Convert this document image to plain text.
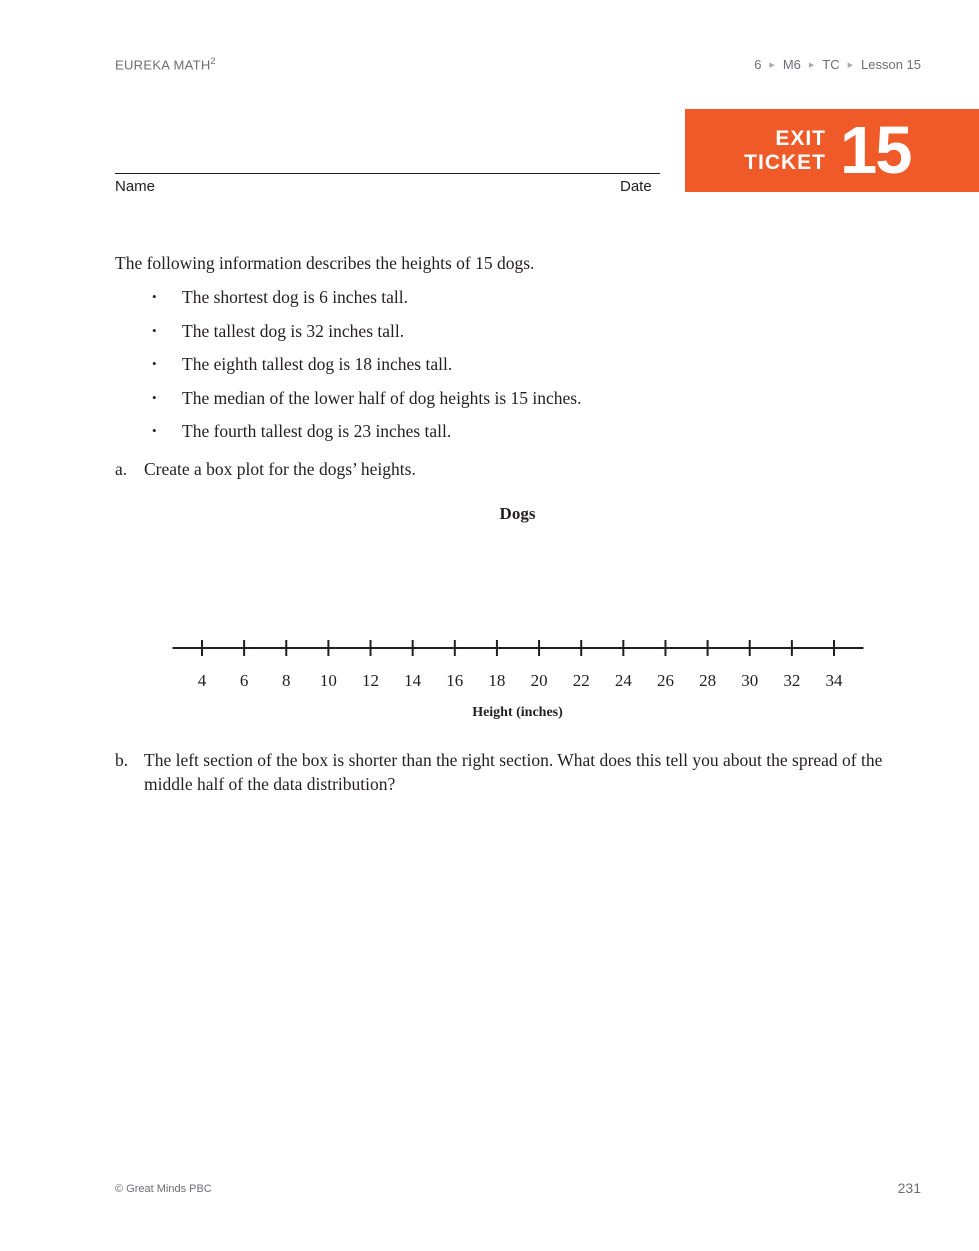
EUREKA MATH$^2$	6 ▶ M6 ▶ TC ▶ Lesson 15
Name	Date
EXIT
TICKET 15
The following information describes the heights of 15 dogs.
• The shortest dog is 6 inches tall.
• The tallest dog is 32 inches tall.
• The eighth tallest dog is 18 inches tall.
• The median of the lower half of dog heights is 15 inches.
• The fourth tallest dog is 23 inches tall.
a. Create a box plot for the dogs’ heights.
Dogs
4 6 8 10 12 14 16 18 20 22 24 26 28 30 32 34
Height (inches)
b. The left section of the box is shorter than the right section. What does this tell you about the spread of the middle half of the data distribution?
© Great Minds PBC	231
